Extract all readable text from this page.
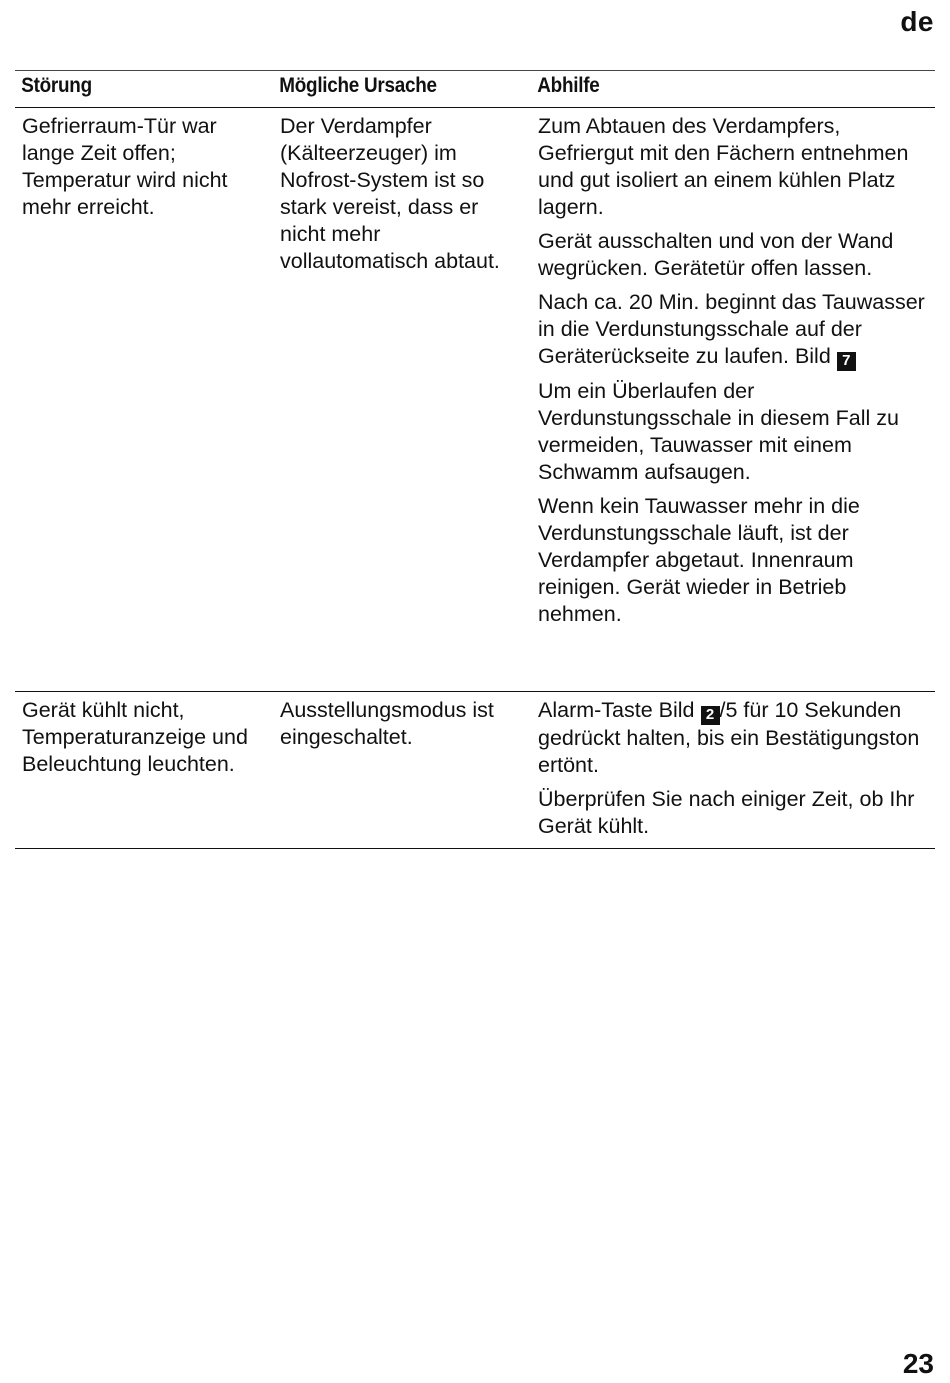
de
Störung	Mögliche Ursache	Abhilfe
Gefrierraum-Tür war lange Zeit offen; Temperatur wird nicht mehr erreicht.
Der Verdampfer (Kälteerzeuger) im Nofrost-System ist so stark vereist, dass er nicht mehr vollautomatisch abtaut.

Zum Abtauen des Verdampfers, Gefriergut mit den Fächern entnehmen und gut isoliert an einem kühlen Platz lagern.

Gerät ausschalten und von der Wand wegrücken. Gerätetür offen lassen.

Nach ca. 20 Min. beginnt das Tauwasser in die Verdunstungsschale auf der Geräterückseite zu laufen. Bild 7

Um ein Überlaufen der Verdunstungsschale in diesem Fall zu vermeiden, Tauwasser mit einem Schwamm aufsaugen.

Wenn kein Tauwasser mehr in die Verdunstungsschale läuft, ist der Verdampfer abgetaut. Innenraum reinigen. Gerät wieder in Betrieb nehmen.

Gerät kühlt nicht, Temperaturanzeige und Beleuchtung leuchten.
Ausstellungsmodus ist eingeschaltet.

Alarm-Taste Bild 2 /5 für 10 Sekunden gedrückt halten, bis ein Bestätigungston ertönt.

Überprüfen Sie nach einiger Zeit, ob Ihr Gerät kühlt.

23
